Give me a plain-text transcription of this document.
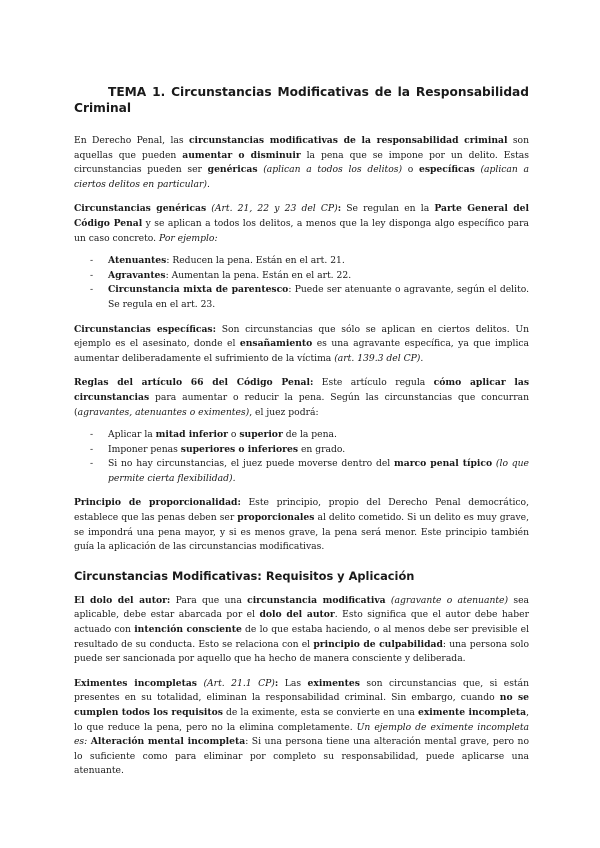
TEMA 1. Circunstancias Modificativas de la Responsabilidad Criminal

En Derecho Penal, las circunstancias modificativas de la responsabilidad criminal son aquellas que pueden aumentar o disminuir la pena que se impone por un delito. Estas circunstancias pueden ser genéricas (aplican a todos los delitos) o específicas (aplican a ciertos delitos en particular).

Circunstancias genéricas (Art. 21, 22 y 23 del CP): Se regulan en la Parte General del Código Penal y se aplican a todos los delitos, a menos que la ley disponga algo específico para un caso concreto. Por ejemplo:

- Atenuantes: Reducen la pena. Están en el art. 21.
- Agravantes: Aumentan la pena. Están en el art. 22.
- Circunstancia mixta de parentesco: Puede ser atenuante o agravante, según el delito. Se regula en el art. 23.

Circunstancias específicas: Son circunstancias que sólo se aplican en ciertos delitos. Un ejemplo es el asesinato, donde el ensañamiento es una agravante específica, ya que implica aumentar deliberadamente el sufrimiento de la víctima (art. 139.3 del CP).

Reglas del artículo 66 del Código Penal: Este artículo regula cómo aplicar las circunstancias para aumentar o reducir la pena. Según las circunstancias que concurran (agravantes, atenuantes o eximentes), el juez podrá:

- Aplicar la mitad inferior o superior de la pena.
- Imponer penas superiores o inferiores en grado.
- Si no hay circunstancias, el juez puede moverse dentro del marco penal típico (lo que permite cierta flexibilidad).

Principio de proporcionalidad: Este principio, propio del Derecho Penal democrático, establece que las penas deben ser proporcionales al delito cometido. Si un delito es muy grave, se impondrá una pena mayor, y si es menos grave, la pena será menor. Este principio también guía la aplicación de las circunstancias modificativas.

Circunstancias Modificativas: Requisitos y Aplicación

El dolo del autor: Para que una circunstancia modificativa (agravante o atenuante) sea aplicable, debe estar abarcada por el dolo del autor. Esto significa que el autor debe haber actuado con intención consciente de lo que estaba haciendo, o al menos debe ser previsible el resultado de su conducta. Esto se relaciona con el principio de culpabilidad: una persona solo puede ser sancionada por aquello que ha hecho de manera consciente y deliberada.

Eximentes incompletas (Art. 21.1 CP): Las eximentes son circunstancias que, si están presentes en su totalidad, eliminan la responsabilidad criminal. Sin embargo, cuando no se cumplen todos los requisitos de la eximente, esta se convierte en una eximente incompleta, lo que reduce la pena, pero no la elimina completamente. Un ejemplo de eximente incompleta es: Alteración mental incompleta: Si una persona tiene una alteración mental grave, pero no lo suficiente como para eliminar por completo su responsabilidad, puede aplicarse una atenuante.
